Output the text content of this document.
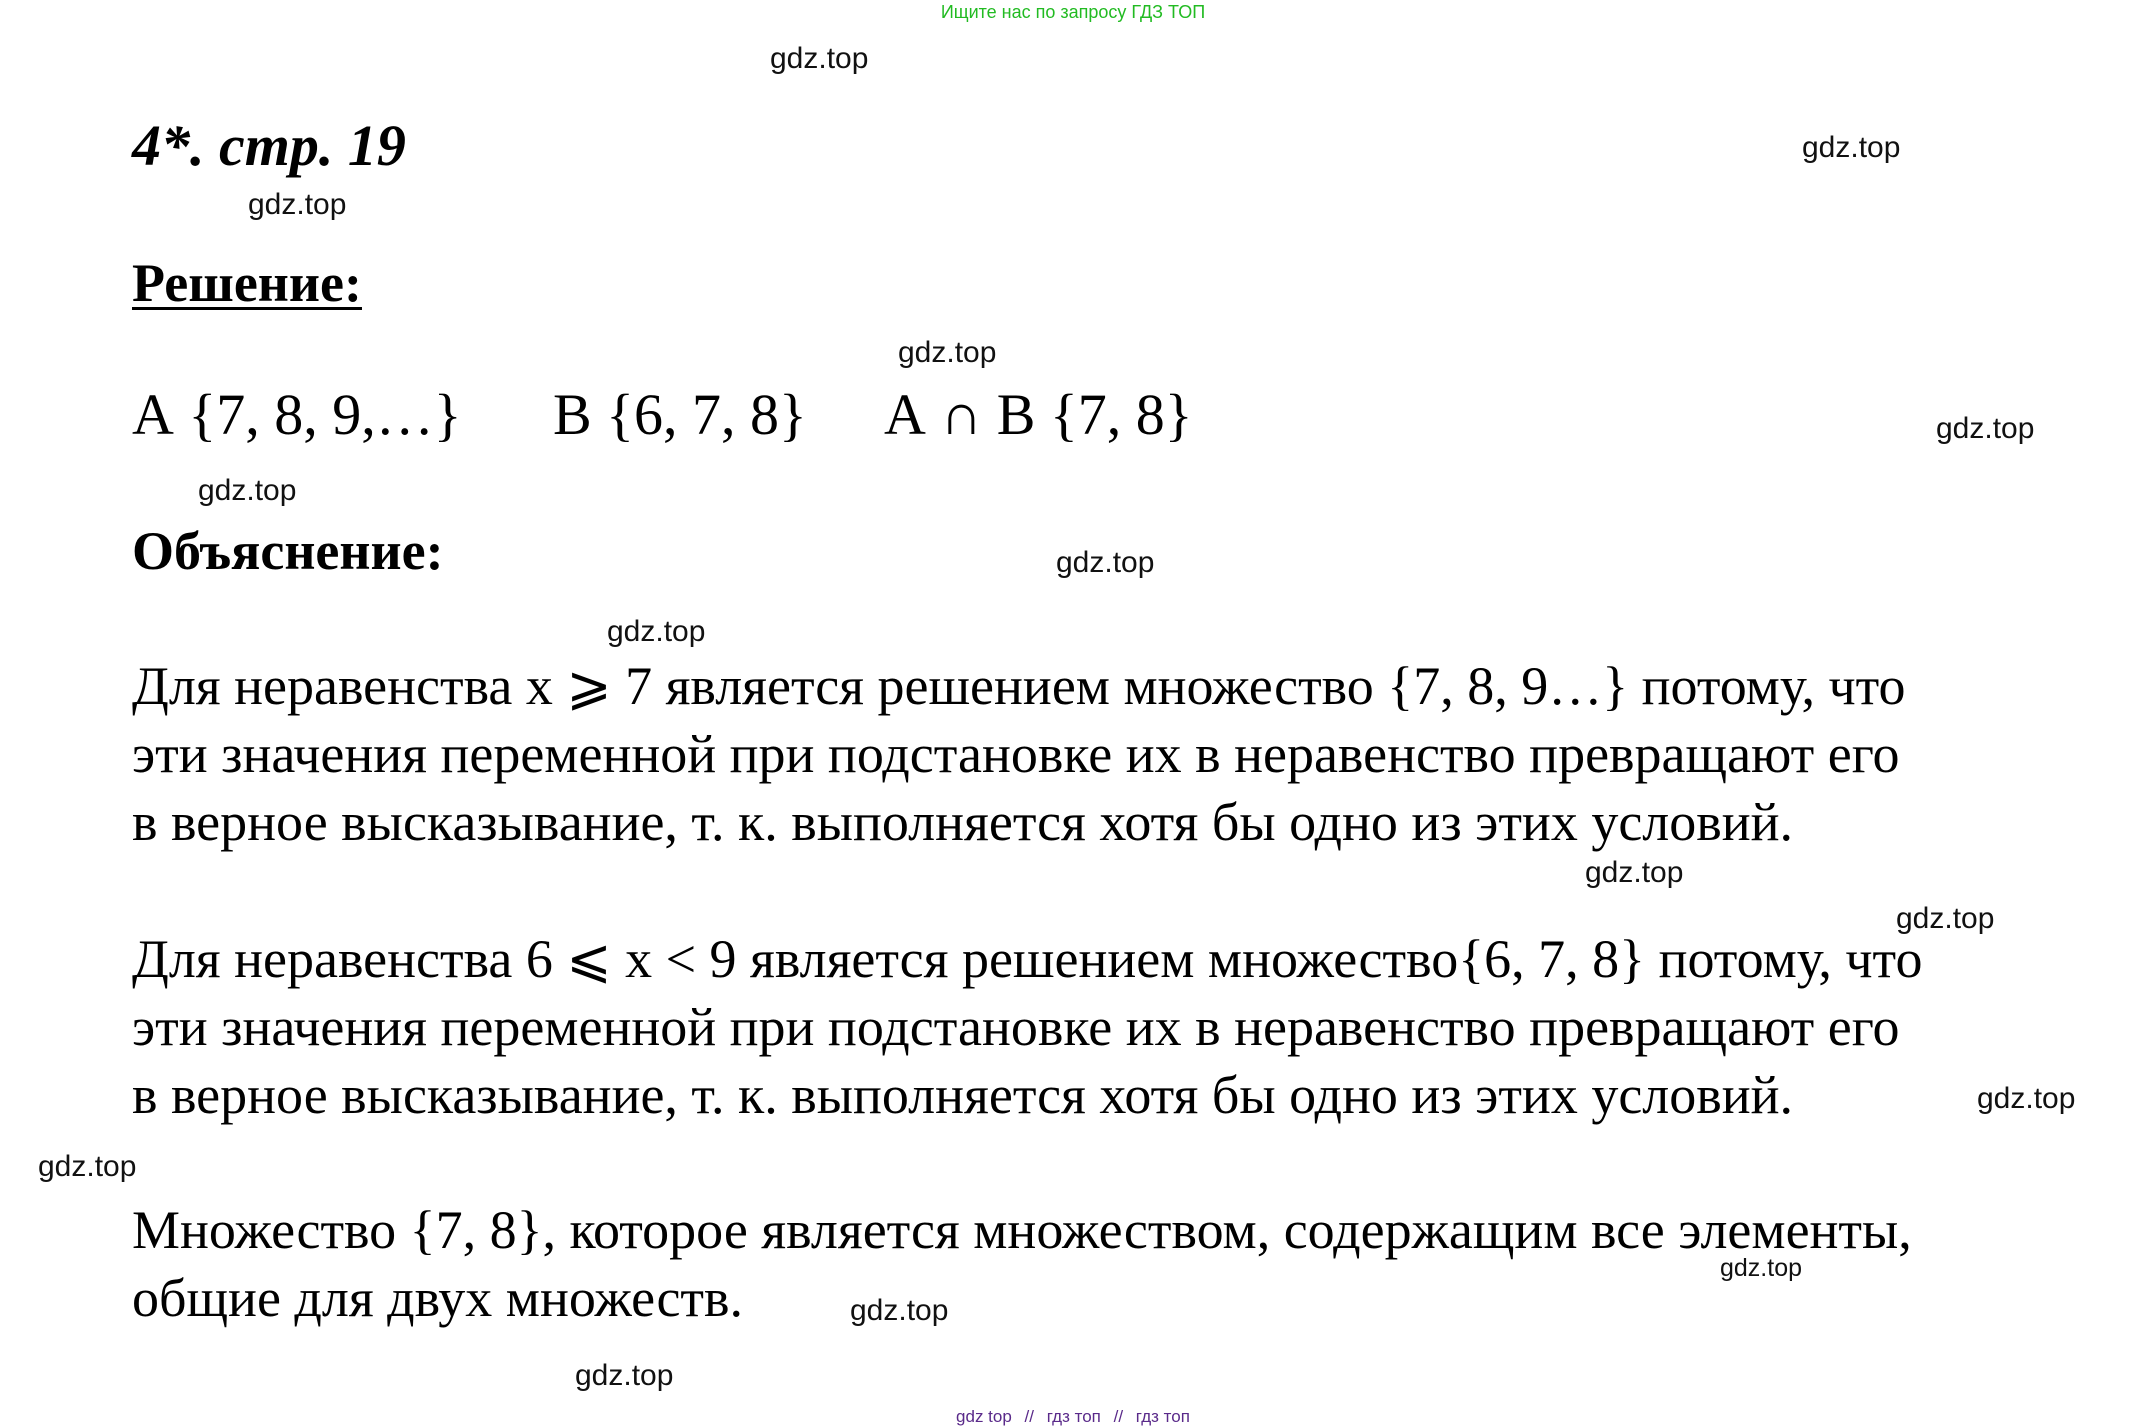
Ищите нас по запросу ГДЗ ТОП
gdz.top
gdz.top
gdz.top
gdz.top
gdz.top
gdz.top
gdz.top
gdz.top
gdz.top
gdz.top
gdz.top
gdz.top
gdz.top
gdz.top
gdz.top
4*. стр. 19
Решение:
А {7, 8, 9,…} В {6, 7, 8} А ∩ В {7, 8}
Объяснение:
Для неравенства х ⩾ 7 является решением множество {7, 8, 9…} потому, что
эти значения переменной при подстановке их в неравенство превращают его
в верное высказывание, т. к. выполняется хотя бы одно из этих условий.
Для неравенства 6 ⩽ х < 9 является решением множество{6, 7, 8} потому, что
эти значения переменной при подстановке их в неравенство превращают его
в верное высказывание, т. к. выполняется хотя бы одно из этих условий.
Множество {7, 8}, которое является множеством, содержащим все элементы,
общие для двух множеств.
gdz top // гдз топ // гдз топ
